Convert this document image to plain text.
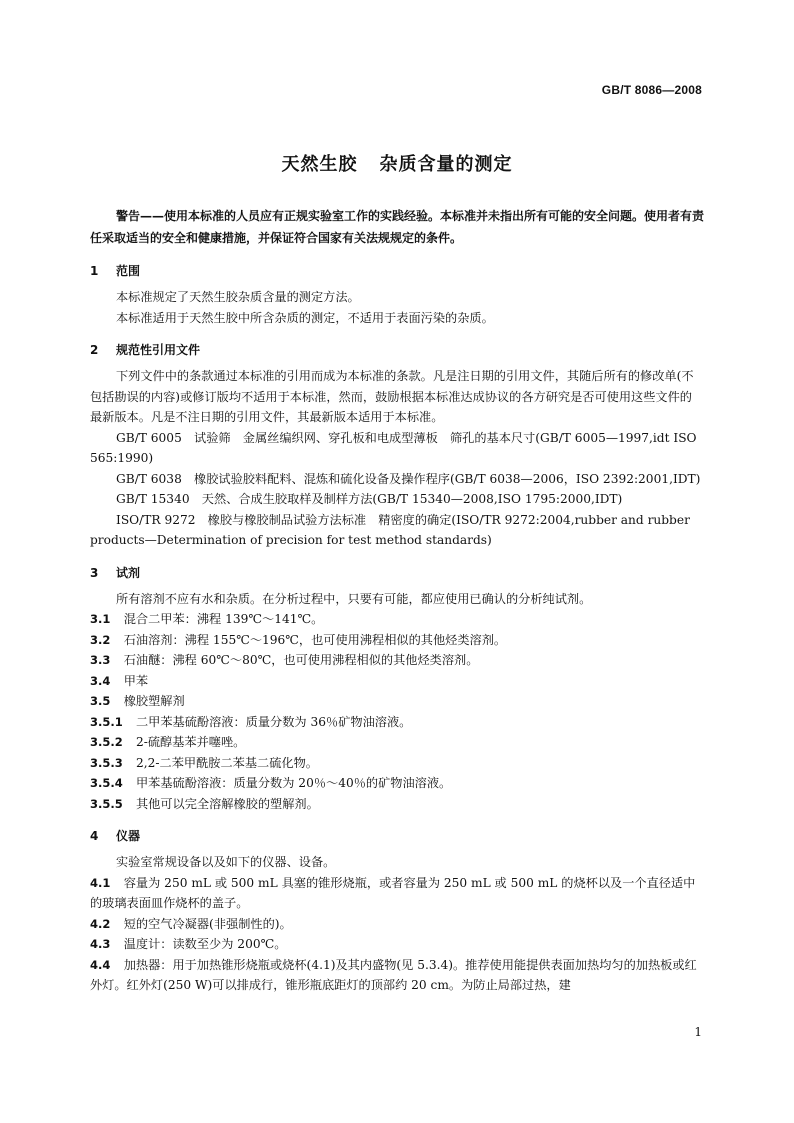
GB/T 8086—2008
天然生胶 杂质含量的测定

警告——使用本标准的人员应有正规实验室工作的实践经验。本标准并未指出所有可能的安全问题。使用者有责任采取适当的安全和健康措施，并保证符合国家有关法规规定的条件。

1 范围

本标准规定了天然生胶杂质含量的测定方法。

本标准适用于天然生胶中所含杂质的测定，不适用于表面污染的杂质。

2 规范性引用文件

下列文件中的条款通过本标准的引用而成为本标准的条款。凡是注日期的引用文件，其随后所有的修改单(不包括勘误的内容)或修订版均不适用于本标准，然而，鼓励根据本标准达成协议的各方研究是否可使用这些文件的最新版本。凡是不注日期的引用文件，其最新版本适用于本标准。

GB/T 6005　试验筛　金属丝编织网、穿孔板和电成型薄板　筛孔的基本尺寸(GB/T 6005—1997,idt ISO 565:1990)

GB/T 6038　橡胶试验胶料配料、混炼和硫化设备及操作程序(GB/T 6038—2006，ISO 2392:2001,IDT)

GB/T 15340　天然、合成生胶取样及制样方法(GB/T 15340—2008,ISO 1795:2000,IDT)

ISO/TR 9272　橡胶与橡胶制品试验方法标准　精密度的确定(ISO/TR 9272:2004,rubber and rubber products—Determination of precision for test method standards)

3 试剂

所有溶剂不应有水和杂质。在分析过程中，只要有可能，都应使用已确认的分析纯试剂。

3.1 混合二甲苯：沸程 139℃～141℃。

3.2 石油溶剂：沸程 155℃～196℃，也可使用沸程相似的其他烃类溶剂。

3.3 石油醚：沸程 60℃～80℃，也可使用沸程相似的其他烃类溶剂。

3.4 甲苯

3.5 橡胶塑解剂

3.5.1 二甲苯基硫酚溶液：质量分数为 36％矿物油溶液。

3.5.2 2-硫醇基苯并噻唑。

3.5.3 2,2-二苯甲酰胺二苯基二硫化物。

3.5.4 甲苯基硫酚溶液：质量分数为 20％～40％的矿物油溶液。

3.5.5 其他可以完全溶解橡胶的塑解剂。

4 仪器

实验室常规设备以及如下的仪器、设备。

4.1 容量为 250 mL 或 500 mL 具塞的锥形烧瓶，或者容量为 250 mL 或 500 mL 的烧杯以及一个直径适中的玻璃表面皿作烧杯的盖子。

4.2 短的空气冷凝器(非强制性的)。

4.3 温度计：读数至少为 200℃。

4.4 加热器：用于加热锥形烧瓶或烧杯(4.1)及其内盛物(见 5.3.4)。推荐使用能提供表面加热均匀的加热板或红外灯。红外灯(250 W)可以排成行，锥形瓶底距灯的顶部约 20 cm。为防止局部过热，建

1
